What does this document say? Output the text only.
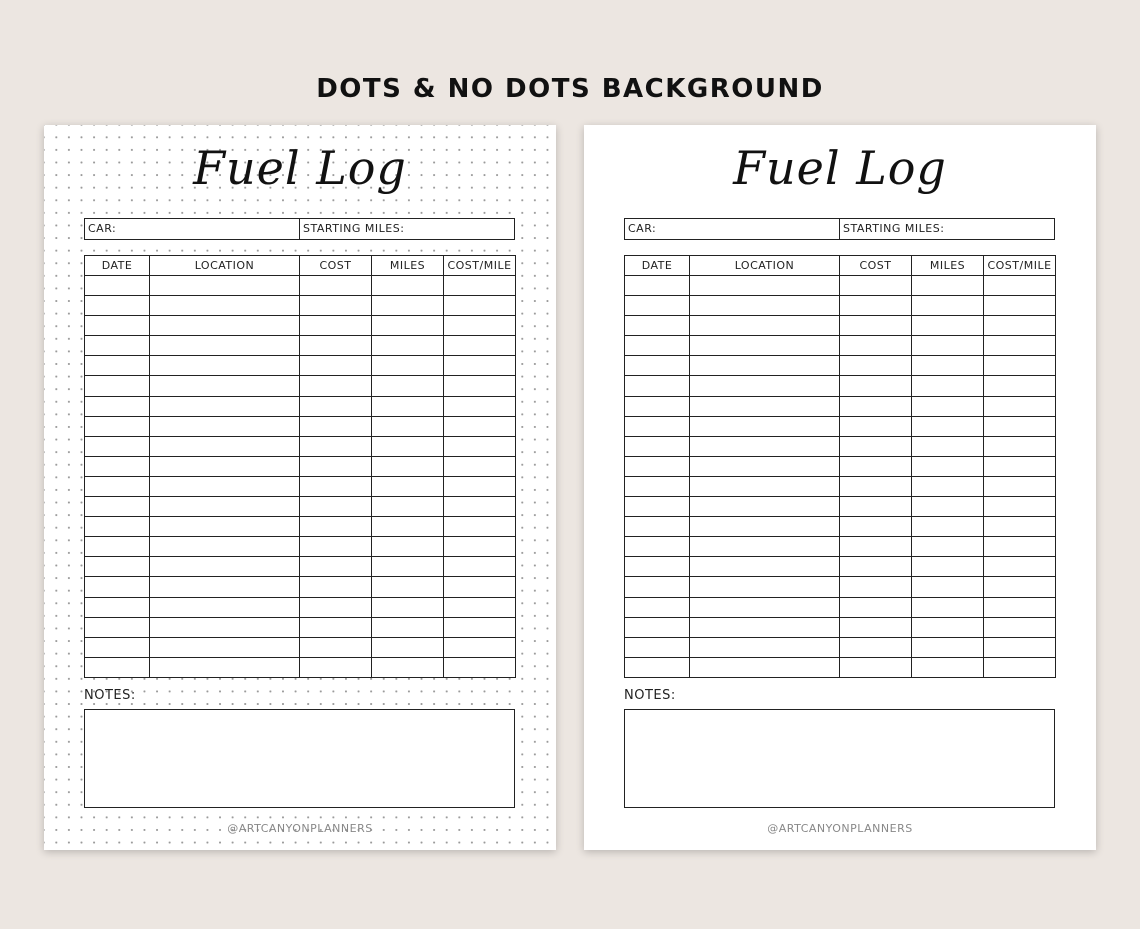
DOTS & NO DOTS BACKGROUND
Fuel Log
CAR:	STARTING MILES:
DATE	LOCATION	COST	MILES	COST/MILE

NOTES:
@ARTCANYONPLANNERS
Fuel Log
CAR:	STARTING MILES:
DATE	LOCATION	COST	MILES	COST/MILE

NOTES:
@ARTCANYONPLANNERS
